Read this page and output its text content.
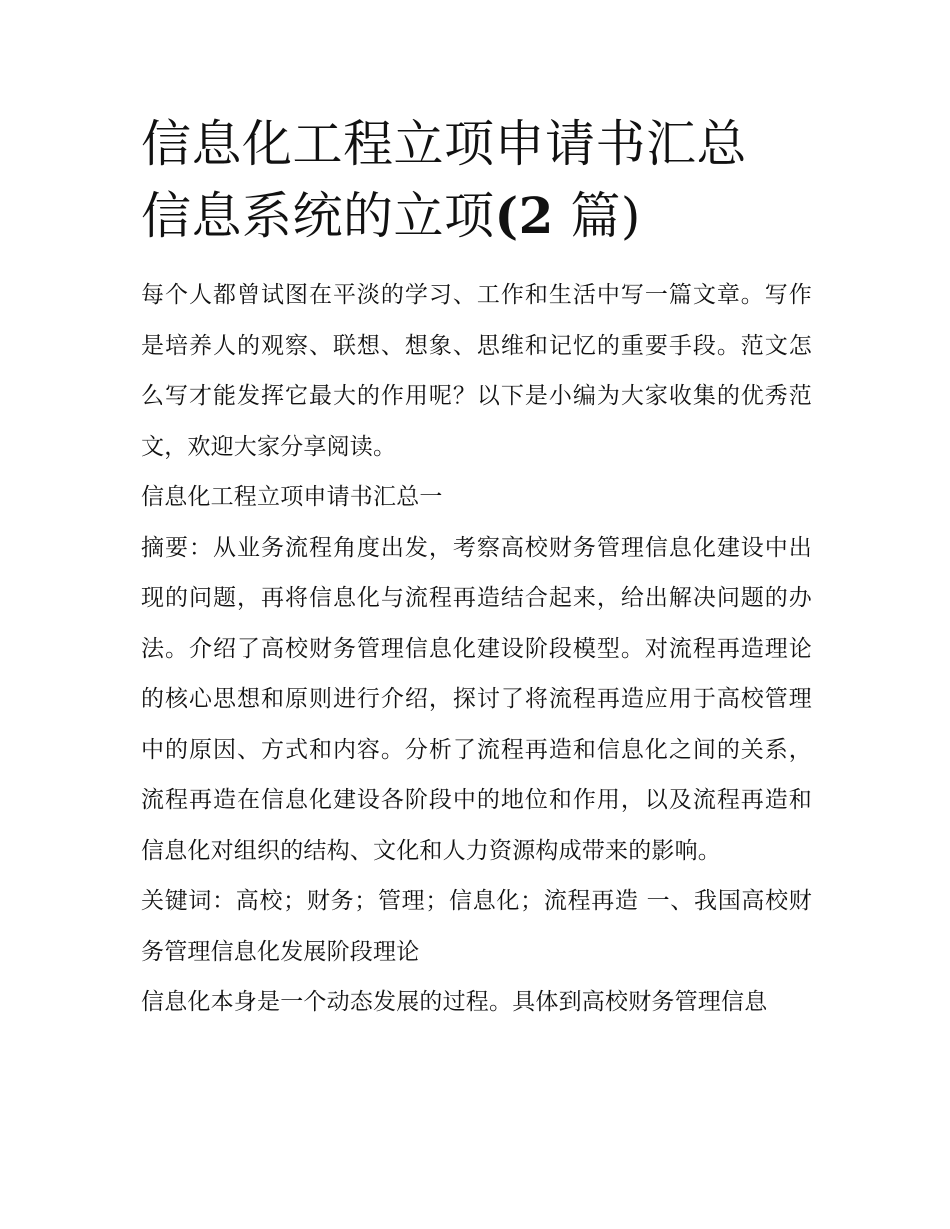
信息化工程立项申请书汇总 信息系统的立项(2 篇)

每个人都曾试图在平淡的学习、工作和生活中写一篇文章。写作是培养人的观察、联想、想象、思维和记忆的重要手段。范文怎么写才能发挥它最大的作用呢？以下是小编为大家收集的优秀范文，欢迎大家分享阅读。

信息化工程立项申请书汇总一

摘要：从业务流程角度出发，考察高校财务管理信息化建设中出现的问题，再将信息化与流程再造结合起来，给出解决问题的办法。介绍了高校财务管理信息化建设阶段模型。对流程再造理论的核心思想和原则进行介绍，探讨了将流程再造应用于高校管理中的原因、方式和内容。分析了流程再造和信息化之间的关系，流程再造在信息化建设各阶段中的地位和作用，以及流程再造和信息化对组织的结构、文化和人力资源构成带来的影响。

关键词：高校；财务；管理；信息化；流程再造 一、我国高校财务管理信息化发展阶段理论

信息化本身是一个动态发展的过程。具体到高校财务管理信息
